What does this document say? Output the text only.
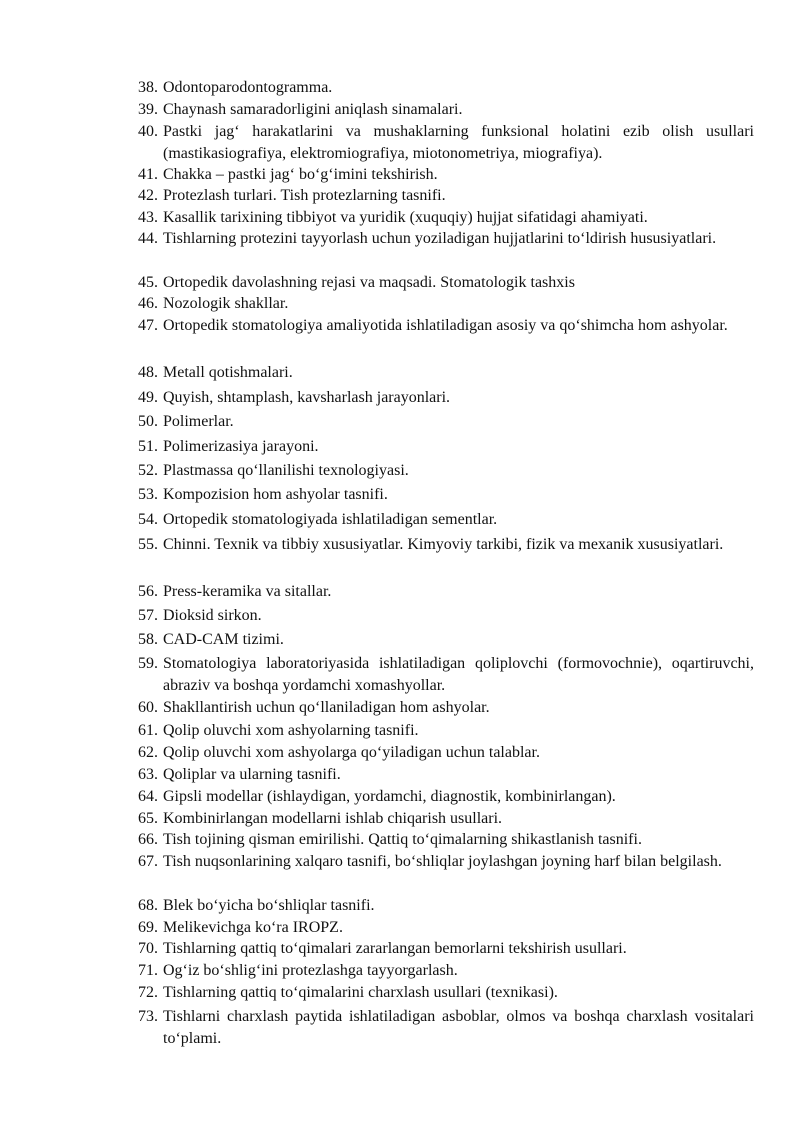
38. Odontoparodontogramma.

39. Chaynash samaradorligini aniqlash sinamalari.

40. Pastki jag‘ harakatlarini va mushaklarning funksional holatini ezib olish usullari (mastikasiografiya, elektromiografiya, miotonometriya, miografiya).

41. Chakka – pastki jag‘ bo‘g‘imini tekshirish.

42. Protezlash turlari. Tish protezlarning tasnifi.

43. Kasallik tarixining tibbiyot va yuridik (xuquqiy) hujjat sifatidagi ahamiyati.

44. Tishlarning protezini tayyorlash uchun yoziladigan hujjatlarini to‘ldirish hususiyatlari.

45. Ortopedik davolashning rejasi va maqsadi. Stomatologik tashxis

46. Nozologik shakllar.

47. Ortopedik stomatologiya amaliyotida ishlatiladigan asosiy va qo‘shimcha hom ashyolar.

48. Metall qotishmalari.

49. Quyish, shtamplash, kavsharlash jarayonlari.

50. Polimerlar.

51. Polimerizasiya jarayoni.

52. Plastmassa qo‘llanilishi texnologiyasi.

53. Kompozision hom ashyolar tasnifi.

54. Ortopedik stomatologiyada ishlatiladigan sementlar.

55. Chinni. Texnik va tibbiy xususiyatlar. Kimyoviy tarkibi, fizik va mexanik xususiyatlari.

56. Press-keramika va sitallar.

57. Dioksid sirkon.

58. CAD-CAM tizimi.

59. Stomatologiya laboratoriyasida ishlatiladigan qoliplovchi (formovochnie), oqartiruvchi, abraziv va boshqa yordamchi xomashyollar.

60. Shakllantirish uchun qo‘llaniladigan hom ashyolar.

61. Qolip oluvchi xom ashyolarning tasnifi.

62. Qolip oluvchi xom ashyolarga qo‘yiladigan uchun talablar.

63. Qoliplar va ularning tasnifi.

64. Gipsli modellar (ishlaydigan, yordamchi, diagnostik, kombinirlangan).

65. Kombinirlangan modellarni ishlab chiqarish usullari.

66. Tish tojining qisman emirilishi. Qattiq to‘qimalarning shikastlanish tasnifi.

67. Tish nuqsonlarining xalqaro tasnifi, bo‘shliqlar joylashgan joyning harf bilan belgilash.

68. Blek bo‘yicha bo‘shliqlar tasnifi.

69. Melikevichga ko‘ra IROPZ.

70. Tishlarning qattiq to‘qimalari zararlangan bemorlarni tekshirish usullari.

71. Og‘iz bo‘shlig‘ini protezlashga tayyorgarlash.

72. Tishlarning qattiq to‘qimalarini charxlash usullari (texnikasi).

73. Tishlarni charxlash paytida ishlatiladigan asboblar, olmos va boshqa charxlash vositalari to‘plami.
